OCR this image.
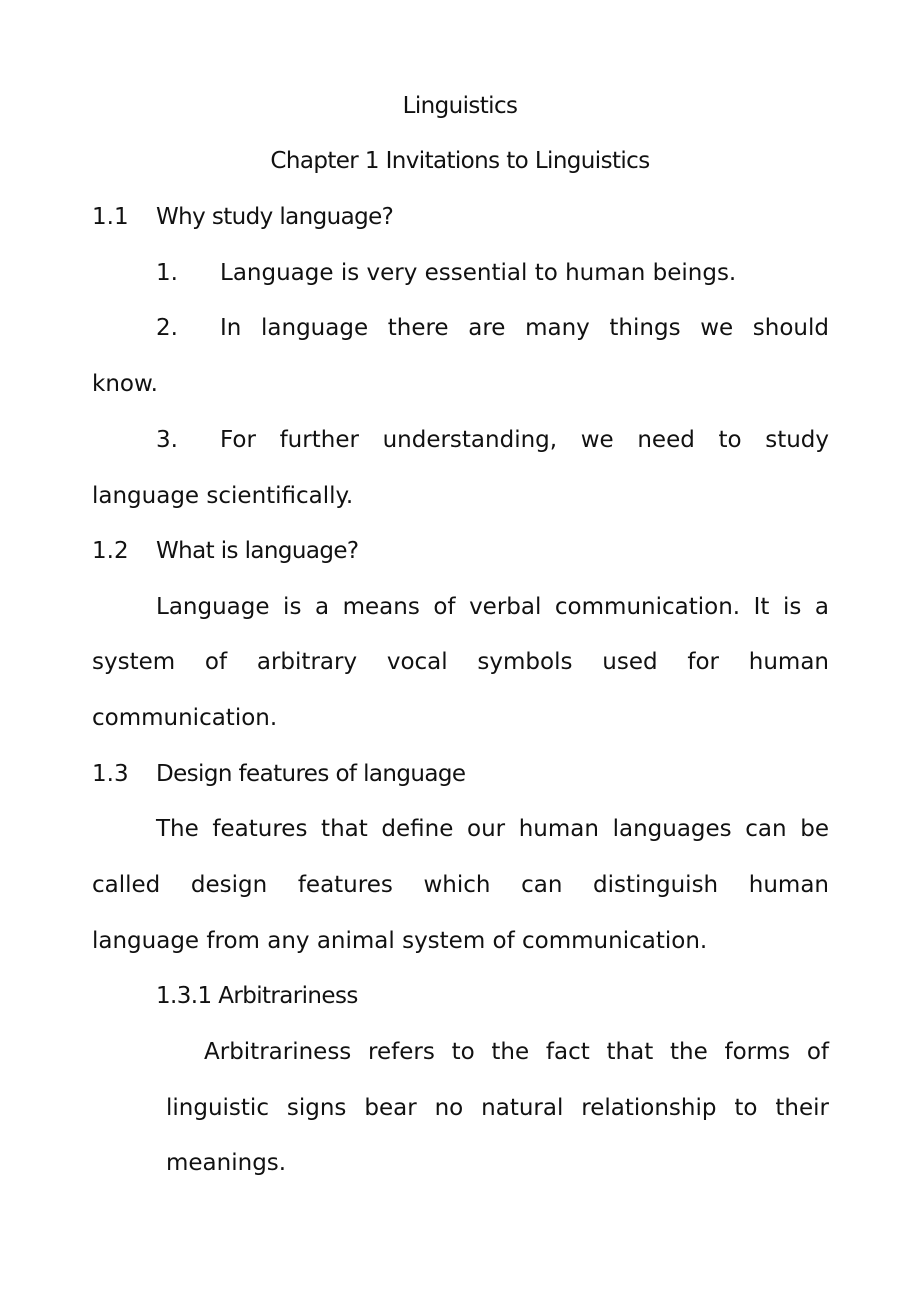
Linguistics
Chapter 1 Invitations to Linguistics
1.1 Why study language?
1. Language is very essential to human beings.
2. In language there are many things we should
know.
3. For further understanding, we need to study
language scientifically.
1.2 What is language?
Language is a means of verbal communication. It is a
system of arbitrary vocal symbols used for human
communication.
1.3 Design features of language
The features that define our human languages can be
called design features which can distinguish human
language from any animal system of communication.
1.3.1 Arbitrariness
Arbitrariness refers to the fact that the forms of
linguistic signs bear no natural relationship to their
meanings.
